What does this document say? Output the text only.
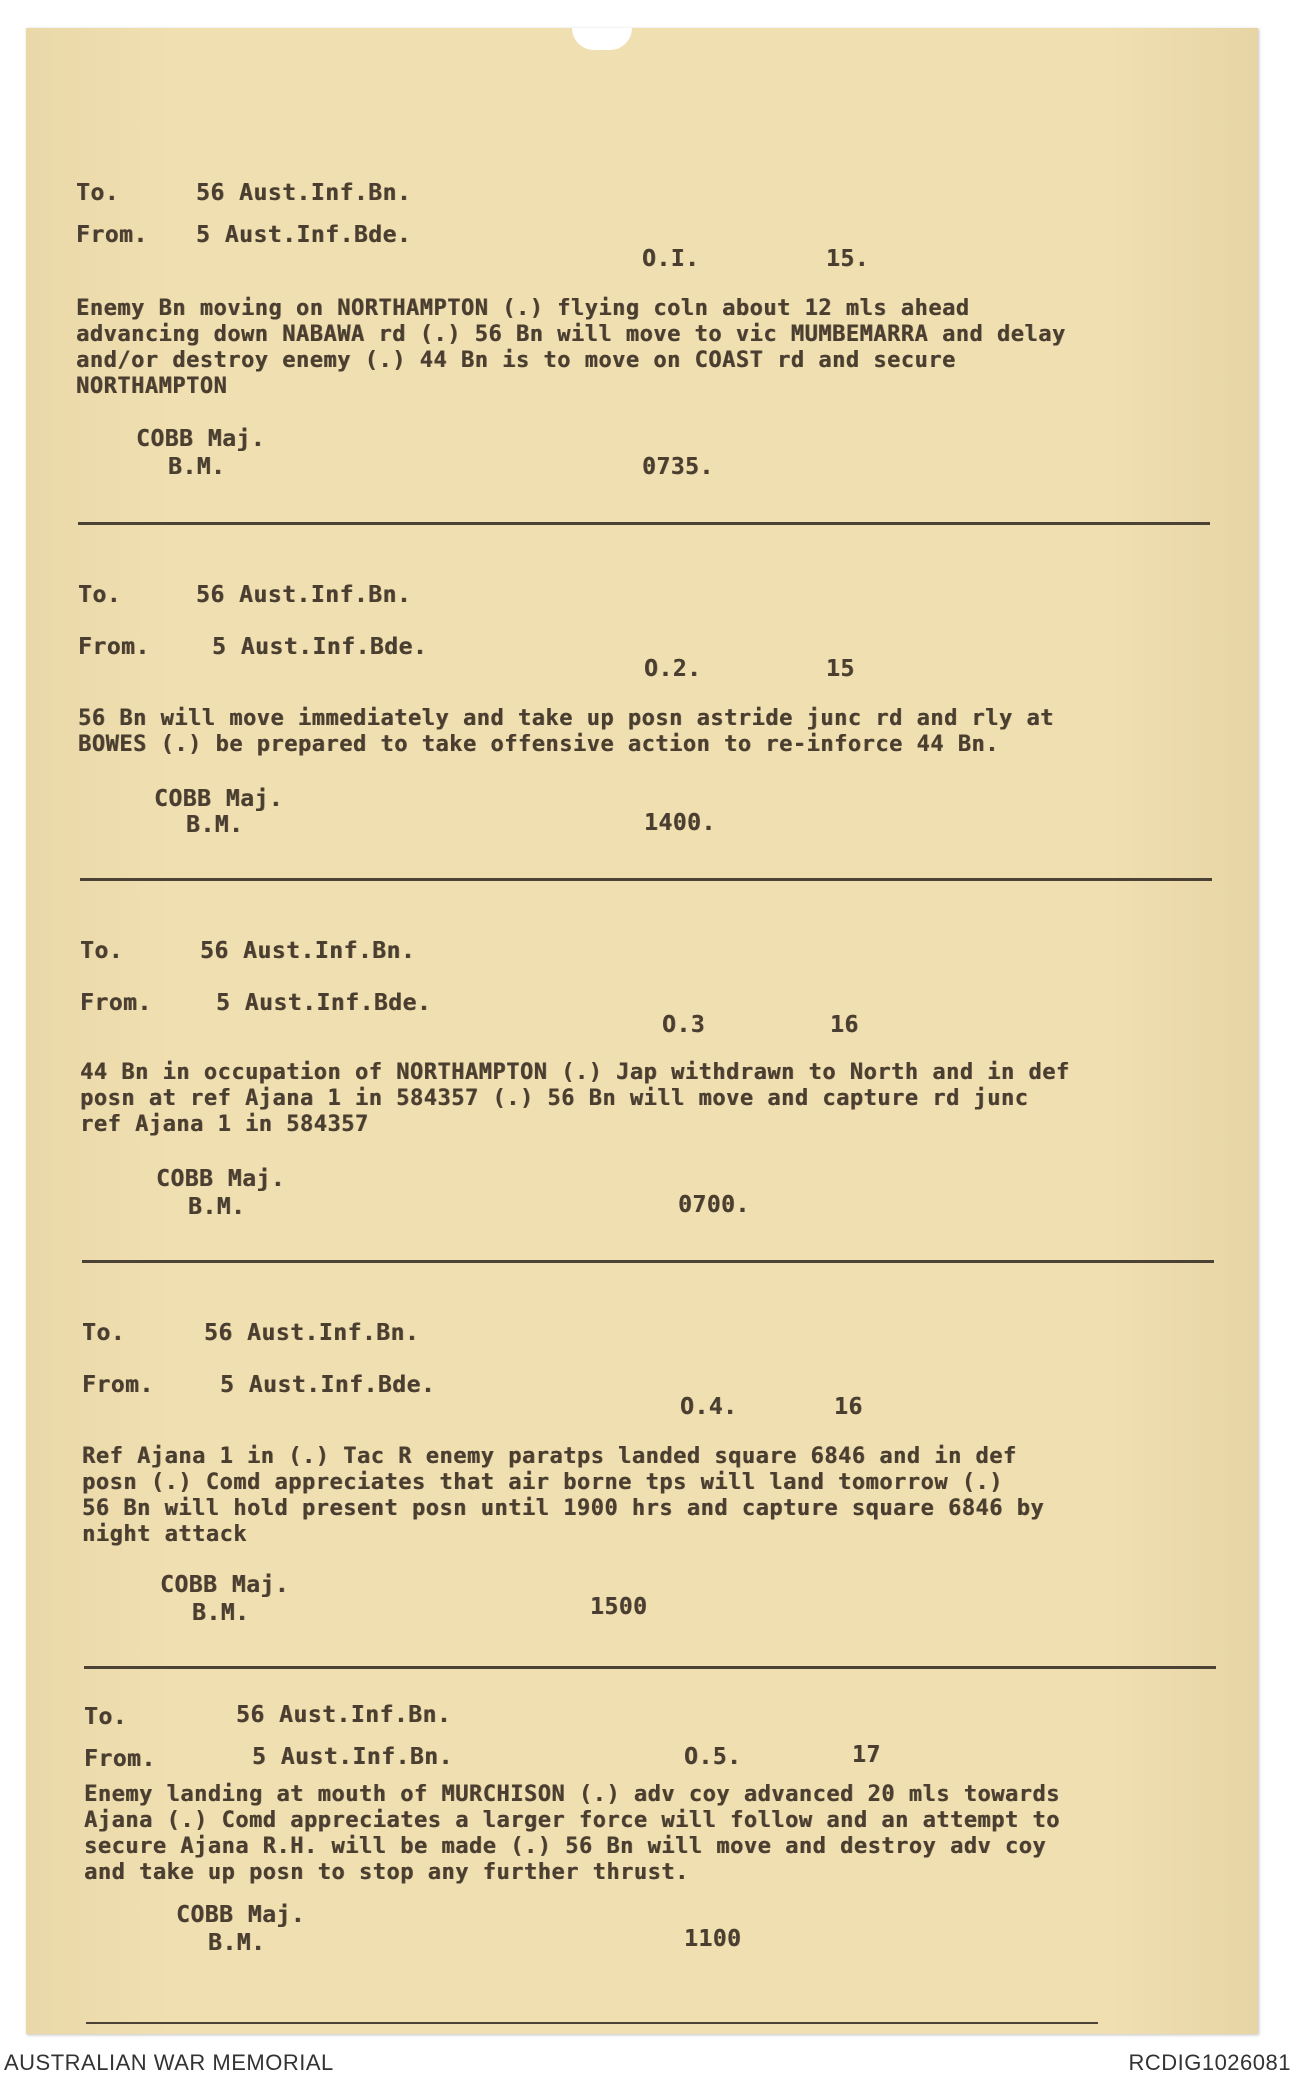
To.	56 Aust.Inf.Bn.
From. 5 Aust.Inf.Bde.
O.I.	15.
Enemy Bn moving on NORTHAMPTON (.) flying coln about 12 mls ahead
advancing down NABAWA rd (.) 56 Bn will move to vic MUMBEMARRA and delay
and/or destroy enemy (.) 44 Bn is to move on COAST rd and secure
NORTHAMPTON
COBB Maj.
B.M.	0735.
To.	56 Aust.Inf.Bn.
From.	5 Aust.Inf.Bde.
O.2.	15
56 Bn will move immediately and take up posn astride junc rd and rly at
BOWES (.) be prepared to take offensive action to re-inforce 44 Bn.
COBB Maj.
B.M.	1400.
To.	56 Aust.Inf.Bn.
From.	5 Aust.Inf.Bde.
O.3	16
44 Bn in occupation of NORTHAMPTON (.) Jap withdrawn to North and in def
posn at ref Ajana 1 in 584357 (.) 56 Bn will move and capture rd junc
ref Ajana 1 in 584357
COBB Maj.
B.M.	0700.
To.	56 Aust.Inf.Bn.
From.	5 Aust.Inf.Bde.
O.4.	16
Ref Ajana 1 in (.) Tac R enemy paratps landed square 6846 and in def
posn (.) Comd appreciates that air borne tps will land tomorrow (.)
56 Bn will hold present posn until 1900 hrs and capture square 6846 by
night attack
COBB Maj.
B.M.	1500
To.	56 Aust.Inf.Bn.
From.	5 Aust.Inf.Bn.	O.5.	17
Enemy landing at mouth of MURCHISON (.) adv coy advanced 20 mls towards
Ajana (.) Comd appreciates a larger force will follow and an attempt to
secure Ajana R.H. will be made (.) 56 Bn will move and destroy adv coy
and take up posn to stop any further thrust.
COBB Maj.
B.M.	1100
AUSTRALIAN WAR MEMORIAL	RCDIG1026081
